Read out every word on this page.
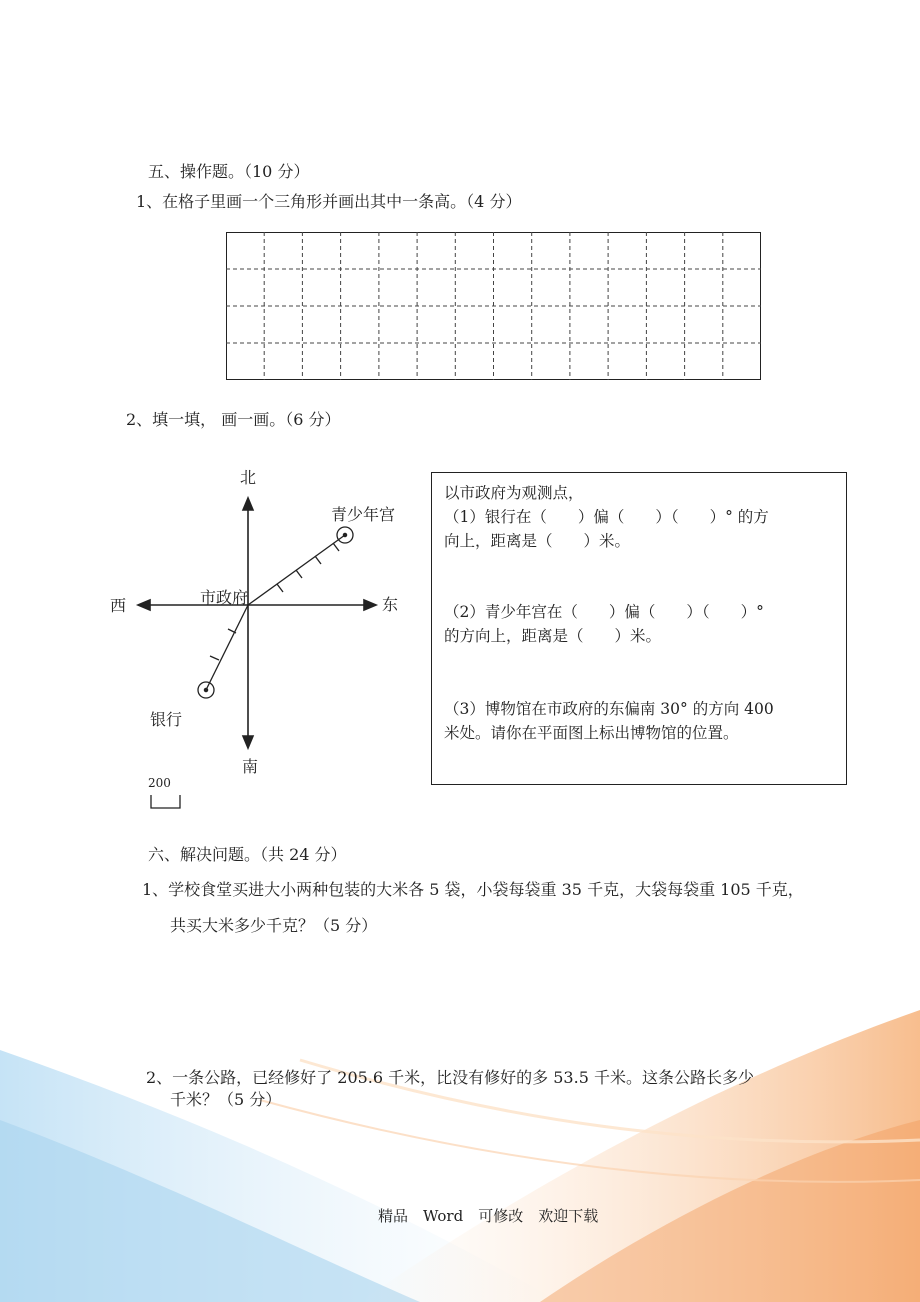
五、操作题。（10 分）
1、在格子里画一个三角形并画出其中一条高。（4 分）
2、填一填， 画一画。（6 分）
北
南
东
西	市政府
青少年宫
银行
200
以市政府为观测点，
（1）银行在（　　）偏（　　）（　　）° 的方
向上，距离是（　　）米。
（2）青少年宫在（　　）偏（　　）（　　）°
的方向上，距离是（　　）米。
（3）博物馆在市政府的东偏南 30° 的方向 400
米处。请你在平面图上标出博物馆的位置。
六、解决问题。（共 24 分）
1、学校食堂买进大小两种包装的大米各 5 袋，小袋每袋重 35 千克，大袋每袋重 105 千克，
共买大米多少千克？（5 分）
2、一条公路，已经修好了 205.6 千米，比没有修好的多 53.5 千米。这条公路长多少
千米？（5 分）
精品　Word　可修改　欢迎下载
